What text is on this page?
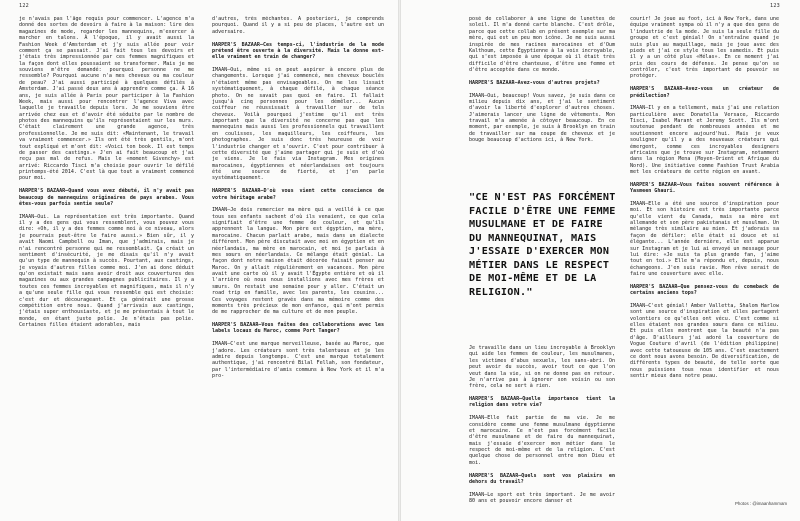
122

je n'avais pas l'âge requis pour commencer. L'agence m'a donné des sortes de devoirs à faire à la maison: lire des magazines de mode, regarder les mannequins, m'exercer à marcher en talons. À l'époque, il y avait aussi la Fashion Week d'Amsterdam et j'y suis allée pour voir comment ça se passait. J'ai fait tous les devoirs et j'étais très impressionnée par ces femmes magnifiques et la façon dont elles poussaient se transformer. Mais je me souviens m'être demandé: pourquoi personne ne me ressemble? Pourquoi aucune n'a mes cheveux ou ma couleur de peau? J'ai aussi participé à quelques défilés à Amsterdam. J'ai passé deux ans à apprendre comme ça. À 16 ans, je suis allée à Paris pour participer à la Fashion Week, mais aussi pour rencontrer l'agence Viva avec laquelle je travaille depuis lors. Je me souviens être arrivée chez eux et d'avoir été séduite par le nombre de photos des mannequins qu'ils représentaient sur les murs. C'était clairement une grande agence, très professionnelle. Je me suis dit: «Maintenant, le travail va vraiment commencer.» Ils ont été très gentils, m'ont tout expliqué et m'ont dit: «Voici ton book. Il est temps de passer des castings.» J'en ai fait beaucoup et j'ai reçu pas mal de refus. Mais le «moment Givenchy» est arrivé: Riccardo Tisci m'a choisie pour ouvrir le défilé printemps-été 2014. C'est là que tout a vraiment commencé pour moi.

HARPER'S BAZAAR—Quand vous avez débuté, il n'y avait pas beaucoup de mannequins originaires de pays arabes. Vous êtes-vous parfois sentie seule?

IMAAN—Oui. La représentation est très importante. Quand il y a des gens qui vous ressemblent, vous pouvez vous dire: «Oh, il y a des femmes comme moi à ce niveau, alors je pourrais peut-être le faire aussi.» Bien sûr, il y avait Naomi Campbell ou Iman, que j'admirais, mais je n'ai rencontré personne qui me ressemblait. Ça créait un sentiment d'insécurité, je me disais qu'il n'y avait qu'un type de mannequin à succès. Pourtant, aux castings, je voyais d'autres filles comme moi. J'en ai donc déduit qu'on existait mais sans avoir droit aux couvertures des magazines ou aux grandes campagnes publicitaires. Il y a toutes ces femmes incroyables et magnifiques, mais il n'y a qu'une seule fille qui vous ressemble qui est choisie: c'est dur et décourageant. Et ça générait une grosse compétition entre nous. Quand j'arrivais aux castings, j'étais super enthousiaste, et je me présentais à tout le monde, en étant juste polie. Je n'étais pas polie. Certaines filles étaient adorables, mais

d'autres, très méchantes. À posteriori, je comprends pourquoi. Quand il y a si peu de places, l'autre est un adversaire.

HARPER'S BAZAAR—Ces temps-ci, l'industrie de la mode prétend être ouverte à la diversité. Mais la donne est-elle vraiment en train de changer?

IMAAN—Oui, même si on peut aspirer à encore plus de changements. Lorsque j'ai commencé, mes cheveux bouclés n'étaient même pas envisageables. On me les lissait systématiquement, à chaque défilé, à chaque séance photo. On ne savait pas quoi en faire. Il fallait jusqu'à cinq personnes pour les démêler... Aucun coiffeur ne réussissait à travailler sur de tels cheveux. Voilà pourquoi j'estime qu'il est très important que la diversité ne concerne pas que les mannequins mais aussi les professionnels qui travaillent en coulisses, les maquilleurs, les coiffeurs, les photographes. Je suis donc très heureuse de voir l'industrie changer et s'ouvrir. C'est pour contribuer à cette diversité que j'aime partager qui je suis et d'où je viens. Je le fais via Instagram. Mes origines marocaines, égyptiennes et néerlandaises ont toujours été une source de fierté, et j'en parle systématiquement.

HARPER'S BAZAAR—D'où vous vient cette conscience de votre héritage arabe?

IMAAN—Je dois remercier ma mère qui a veillé à ce que tous ses enfants sachent d'où ils venaient, ce que cela signifiait d'être une femme de couleur, et qu'ils apprennent la langue. Mon père est égyptien, ma mère, marocaine. Chacun parlait arabe, mais dans un dialecte différent. Mon père discutait avec moi en égyptien et en néerlandais, ma mère en marocain, et moi je parlais à mes sœurs en néerlandais. Ce mélange était génial. La façon dont notre maison était décorée faisait penser au Maroc. On y allait régulièrement en vacances. Mon père avait une carte où il y avait l'Égypte entière et où il l'arrière où nous nous installions avec mes frères et sœurs. On restait une semaine pour y aller. C'était un road trip en famille, avec les parents, les cousins... Ces voyages restent gravés dans ma mémoire comme des moments très précieux de mon enfance, qui m'ont permis de me rapprocher de ma culture et de mon peuple.

HARPER'S BAZAAR—Vous faites des collaborations avec les labels locaux du Maroc, comme Port Tanger?

IMAAN—C'est une marque merveilleuse, basée au Maroc, que j'adore. Les créateurs sont très talentueux et je les admire depuis longtemps. C'est une marque totalement authentique, j'ai rencontré Bilal Fellah, son fondateur, par l'intermédiaire d'amis communs à New York et il m'a pro-

123

posé de collaborer à une ligne de lunettes de soleil. Il m'a donné carte blanche. C'est drôle, parce que cette collab en présent exemple sur ma mère, qui est un peu mon icône. Je me suis aussi inspirée de mes racines marocaines et d'Oum Kalthoum, cette Égyptienne à la voix incroyable, qui s'est imposée à une époque où il était très difficile d'être chanteuse, d'être une femme et d'être acceptée dans ce monde.

HARPER'S BAZAAR—Avez-vous d'autres projets?

IMAAN—Oui, beaucoup! Vous savez, je suis dans ce milieu depuis dix ans, et j'ai le sentiment d'avoir la liberté d'explorer d'autres choses. J'aimerais lancer une ligne de vêtements. Mon travail m'a amenée à côtoyer beaucoup. En ce moment, par exemple, je suis à Brooklyn en train de travailler sur ma coupe de cheveux et je bouge beaucoup d'actions ici, à New York.

"CE N'EST PAS FORCÉMENT FACILE D'ÊTRE UNE FEMME MUSULMANE ET DE FAIRE DU MANNEQUINAT, MAIS J'ESSAIE D'EXERCER MON MÉTIER DANS LE RESPECT DE MOI-MÊME ET DE LA RELIGION."

Je travaille dans un lieu incroyable à Brooklyn qui aide les femmes de couleur, les musulmanes, les victimes d'abus sexuels, les sans-abri. On peut avoir du succès, avoir tout ce que l'on veut dans la vie, si on ne donne pas en retour. Je n'arrive pas à ignorer son voisin ou son frère, cela ne sert à rien.

HARPER'S BAZAAR—Quelle importance tient la religion dans votre vie?

IMAAN—Elle fait partie de ma vie. Je me considère comme une femme musulmane égyptienne et marocaine. Ce n'est pas forcément facile d'être musulmane et de faire du mannequinat, mais j'essaie d'exercer mon métier dans le respect de moi-même et de la religion. C'est quelque chose de personnel entre mon Dieu et moi.

HARPER'S BAZAAR—Quels sont vos plaisirs en dehors du travail?

IMAAN—Le sport est très important. Je me avoir 80 ans et pouvoir encore danser et

courir! Je joue au foot, ici à New York, dans une équipe vraiment sympa où il n'y a que des gens de l'industrie de la mode. Je suis la seule fille du groupe et c'est génial! On s'entraîne quand je suis plus au maquillage, mais je joue avec des pieds et j'ai ce style tous les samedis. Et puis il y a un côté plus «Hélas». En ce moment j'ai pris des cours de défense. Je pense qu'on se contrôler, c'est très important de pouvoir se protéger.

HARPER'S BAZAAR—Avez-vous un créateur de prédilection?

IMAAN—Il y en a tellement, mais j'ai une relation particulière avec Donatella Versace, Riccardo Tisci, Isabel Marant et Jeremy Scott. Ils m'ont soutenue pendant de nombreuses années et me soutiennent encore aujourd'hui. Mais je veux souligner qu'il y a des nouveaux créateurs qui émergent, comme ces incroyables designers africains que je trouve sur Instagram, notamment dans la région Mena (Moyen-Orient et Afrique du Nord). Une initiative comme Fashion Trust Arabia met les créateurs de cette région en avant.

HARPER'S BAZAAR—Vous faites souvent référence à Yasmeen Ghauri.

IMAAN—Elle a été une source d'inspiration pour moi. Et son histoire est très importante parce qu'elle vient du Canada, mais sa mère est allemande et son père pakistanais et musulman. Un mélange très similaire au mien. Et j'adorais sa façon de défiler: elle était si douce et si élégante... L'année dernière, elle est apparue sur Instagram et je lui ai envoyé un message pour lui dire: «Je suis ta plus grande fan, j'aime tout en toi.» Elle m'a répondu et, depuis, nous échangeons. J'en suis ravie. Mon rêve serait de faire une couverture avec elle.

HARPER'S BAZAAR—Que pensez-vous du comeback de certains anciens tops?

IMAAN—C'est génial! Amber Valletta, Shalom Harlow sont une source d'inspiration et elles partagent volontiers ce qu'elles ont vécu. C'est comme si elles étaient nos grandes sœurs dans ce milieu. Et puis elles montrent que la beauté n'a pas d'âge. D'ailleurs j'ai adoré la couverture de Vogue Couture d'avril (de l'édition philippine) avec cette tatoueuse de 105 ans. C'est exactement ce dont nous avons besoin. De diversification, de différents types de beauté, de telle sorte que nous puissions tous nous identifier et nous sentir mieux dans notre peau.

Photos : @imaanhammam
